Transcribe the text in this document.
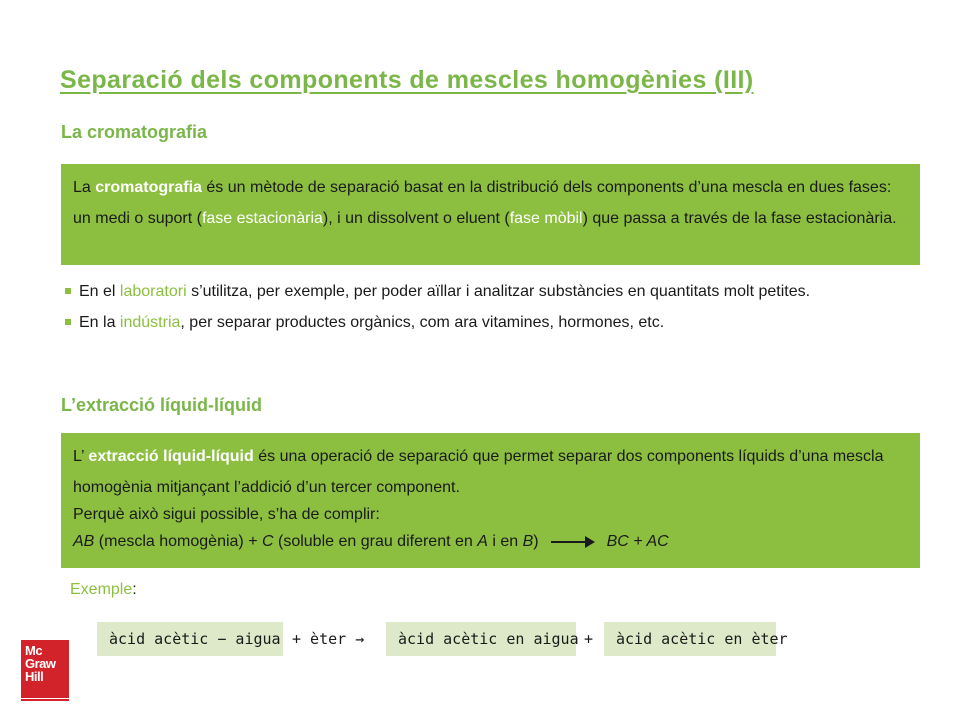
Separació dels components de mescles homogènies (III)
La cromatografia
La cromatografia és un mètode de separació basat en la distribució dels components d’una mescla en dues fases: un medi o suport (fase estacionària), i un dissolvent o eluent (fase mòbil) que passa a través de la fase estacionària.
En el laboratori s’utilitza, per exemple, per poder aïllar i analitzar substàncies en quantitats molt petites.
En la indústria, per separar productes orgànics, com ara vitamines, hormones, etc.
L’extracció líquid-líquid
L’ extracció líquid-líquid és una operació de separació que permet separar dos components líquids d’una mescla homogènia mitjançant l’addició d’un tercer component.
Perquè això sigui possible, s’ha de complir:
AB (mescla homogènia) + C (soluble en grau diferent en A i en B) → BC + AC
Exemple:
àcid acètic − aigua + èter →	àcid acètic en aigua +	àcid acètic en èter
Mc
Graw
Hill
